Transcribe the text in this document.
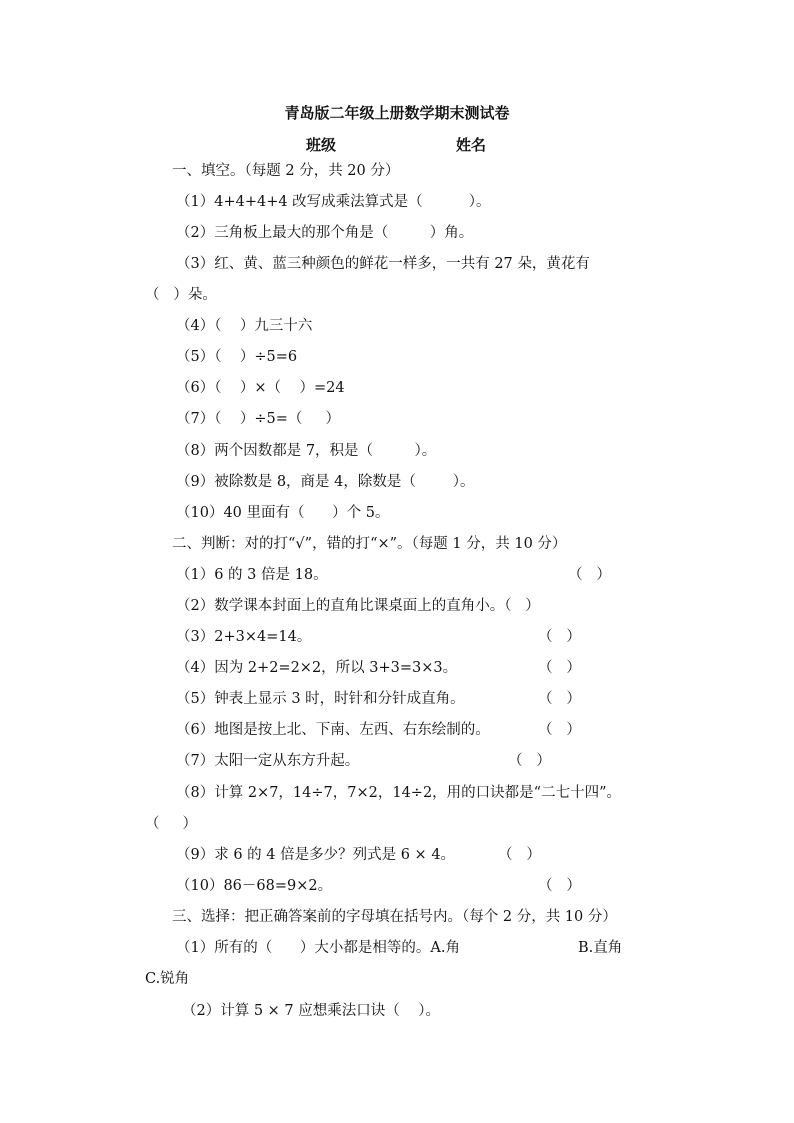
青岛版二年级上册数学期末测试卷
班级	姓名
一、填空。（每题 2 分，共 20 分）
（1）4+4+4+4 改写成乘法算式是（          ）。
（2）三角板上最大的那个角是（         ）角。
（3）红、黄、蓝三种颜色的鲜花一样多，一共有 27 朵，黄花有
（   ）朵。
（4）（    ）九三十六
（5）（    ）÷5=6
（6）（    ）×（    ）=24
（7）（    ）÷5=（     ）
（8）两个因数都是 7，积是（         ）。
（9）被除数是 8，商是 4，除数是（        ）。
（10）40 里面有（      ）个 5。
二、判断：对的打“√”，错的打“×”。（每题 1 分，共 10 分）
（1）6 的 3 倍是 18。	（   ）
（2）数学课本封面上的直角比课桌面上的直角小。（   ）
（3）2+3×4=14。	（   ）
（4）因为 2+2=2×2，所以 3+3=3×3。	（   ）
（5）钟表上显示 3 时，时针和分针成直角。	（   ）
（6）地图是按上北、下南、左西、右东绘制的。	（   ）
（7）太阳一定从东方升起。	（   ）
（8）计算 2×7，14÷7，7×2，14÷2，用的口诀都是“二七十四”。
（     ）
（9）求 6 的 4 倍是多少？列式是 6 × 4。	（   ）
（10）86－68=9×2。	（   ）
三、选择：把正确答案前的字母填在括号内。（每个 2 分，共 10 分）
（1）所有的（      ）大小都是相等的。A.角	B.直角
C.锐角
（2）计算 5 × 7 应想乘法口诀（    ）。
